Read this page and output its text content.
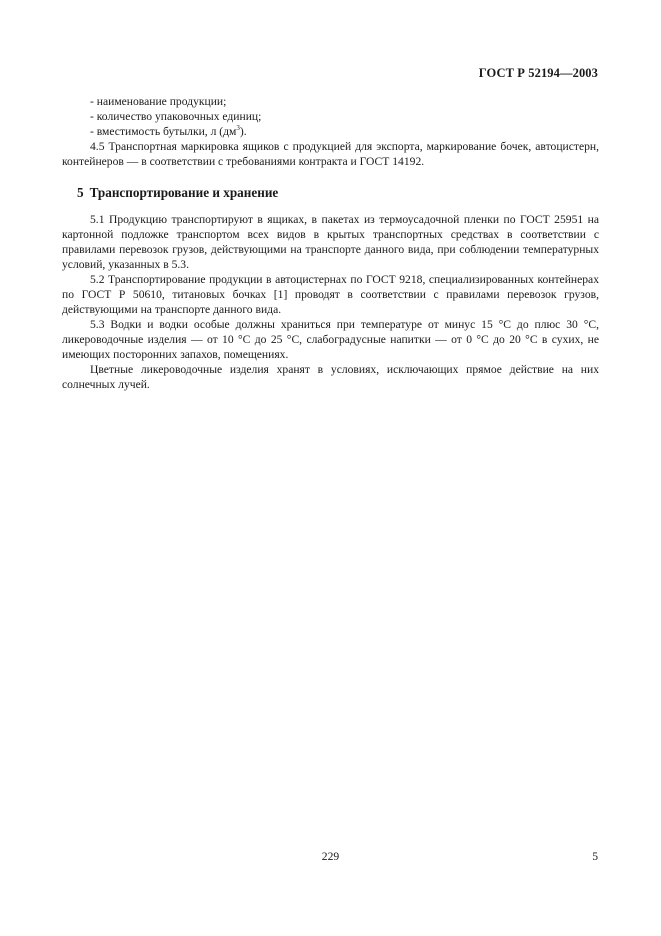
ГОСТ Р 52194—2003

- наименование продукции;

- количество упаковочных единиц;

- вместимость бутылки, л $(дм^3)$.

4.5 Транспортная маркировка ящиков с продукцией для экспорта, маркирование бочек, автоцистерн, контейнеров — в соответствии с требованиями контракта и ГОСТ 14192.

5 Транспортирование и хранение

5.1 Продукцию транспортируют в ящиках, в пакетах из термоусадочной пленки по ГОСТ 25951 на картонной подложке транспортом всех видов в крытых транспортных средствах в соответствии с правилами перевозок грузов, действующими на транспорте данного вида, при соблюдении температурных условий, указанных в 5.3.

5.2 Транспортирование продукции в автоцистернах по ГОСТ 9218, специализированных контейнерах по ГОСТ Р 50610, титановых бочках [1] проводят в соответствии с правилами перевозок грузов, действующими на транспорте данного вида.

5.3 Водки и водки особые должны храниться при температуре от минус 15 °С до плюс 30 °С, ликероводочные изделия — от 10 °С до 25 °С, слабоградусные напитки — от 0 °С до 20 °С в сухих, не имеющих посторонних запахов, помещениях.

Цветные ликероводочные изделия хранят в условиях, исключающих прямое действие на них солнечных лучей.

229	5
